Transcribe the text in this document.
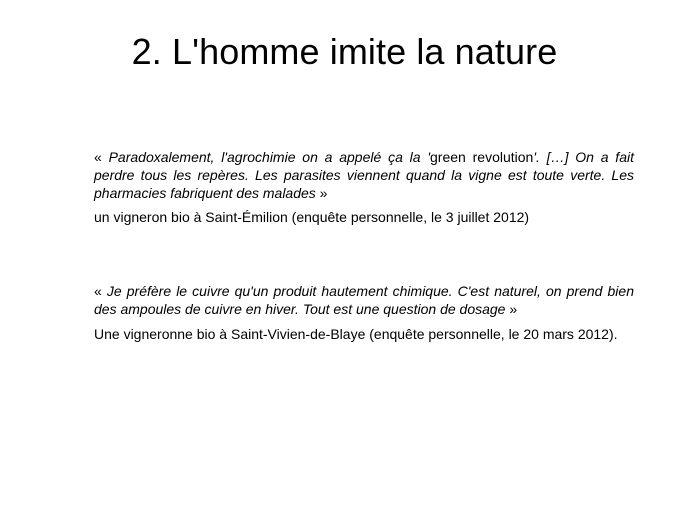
2. L'homme imite la nature

« Paradoxalement, l'agrochimie on a appelé ça la 'green revolution'. […] On a fait perdre tous les repères. Les parasites viennent quand la vigne est toute verte. Les pharmacies fabriquent des malades »

un vigneron bio à Saint-Émilion (enquête personnelle, le 3 juillet 2012)

« Je préfère le cuivre qu'un produit hautement chimique. C'est naturel, on prend bien des ampoules de cuivre en hiver. Tout est une question de dosage »

Une vigneronne bio à Saint-Vivien-de-Blaye (enquête personnelle, le 20 mars 2012).
